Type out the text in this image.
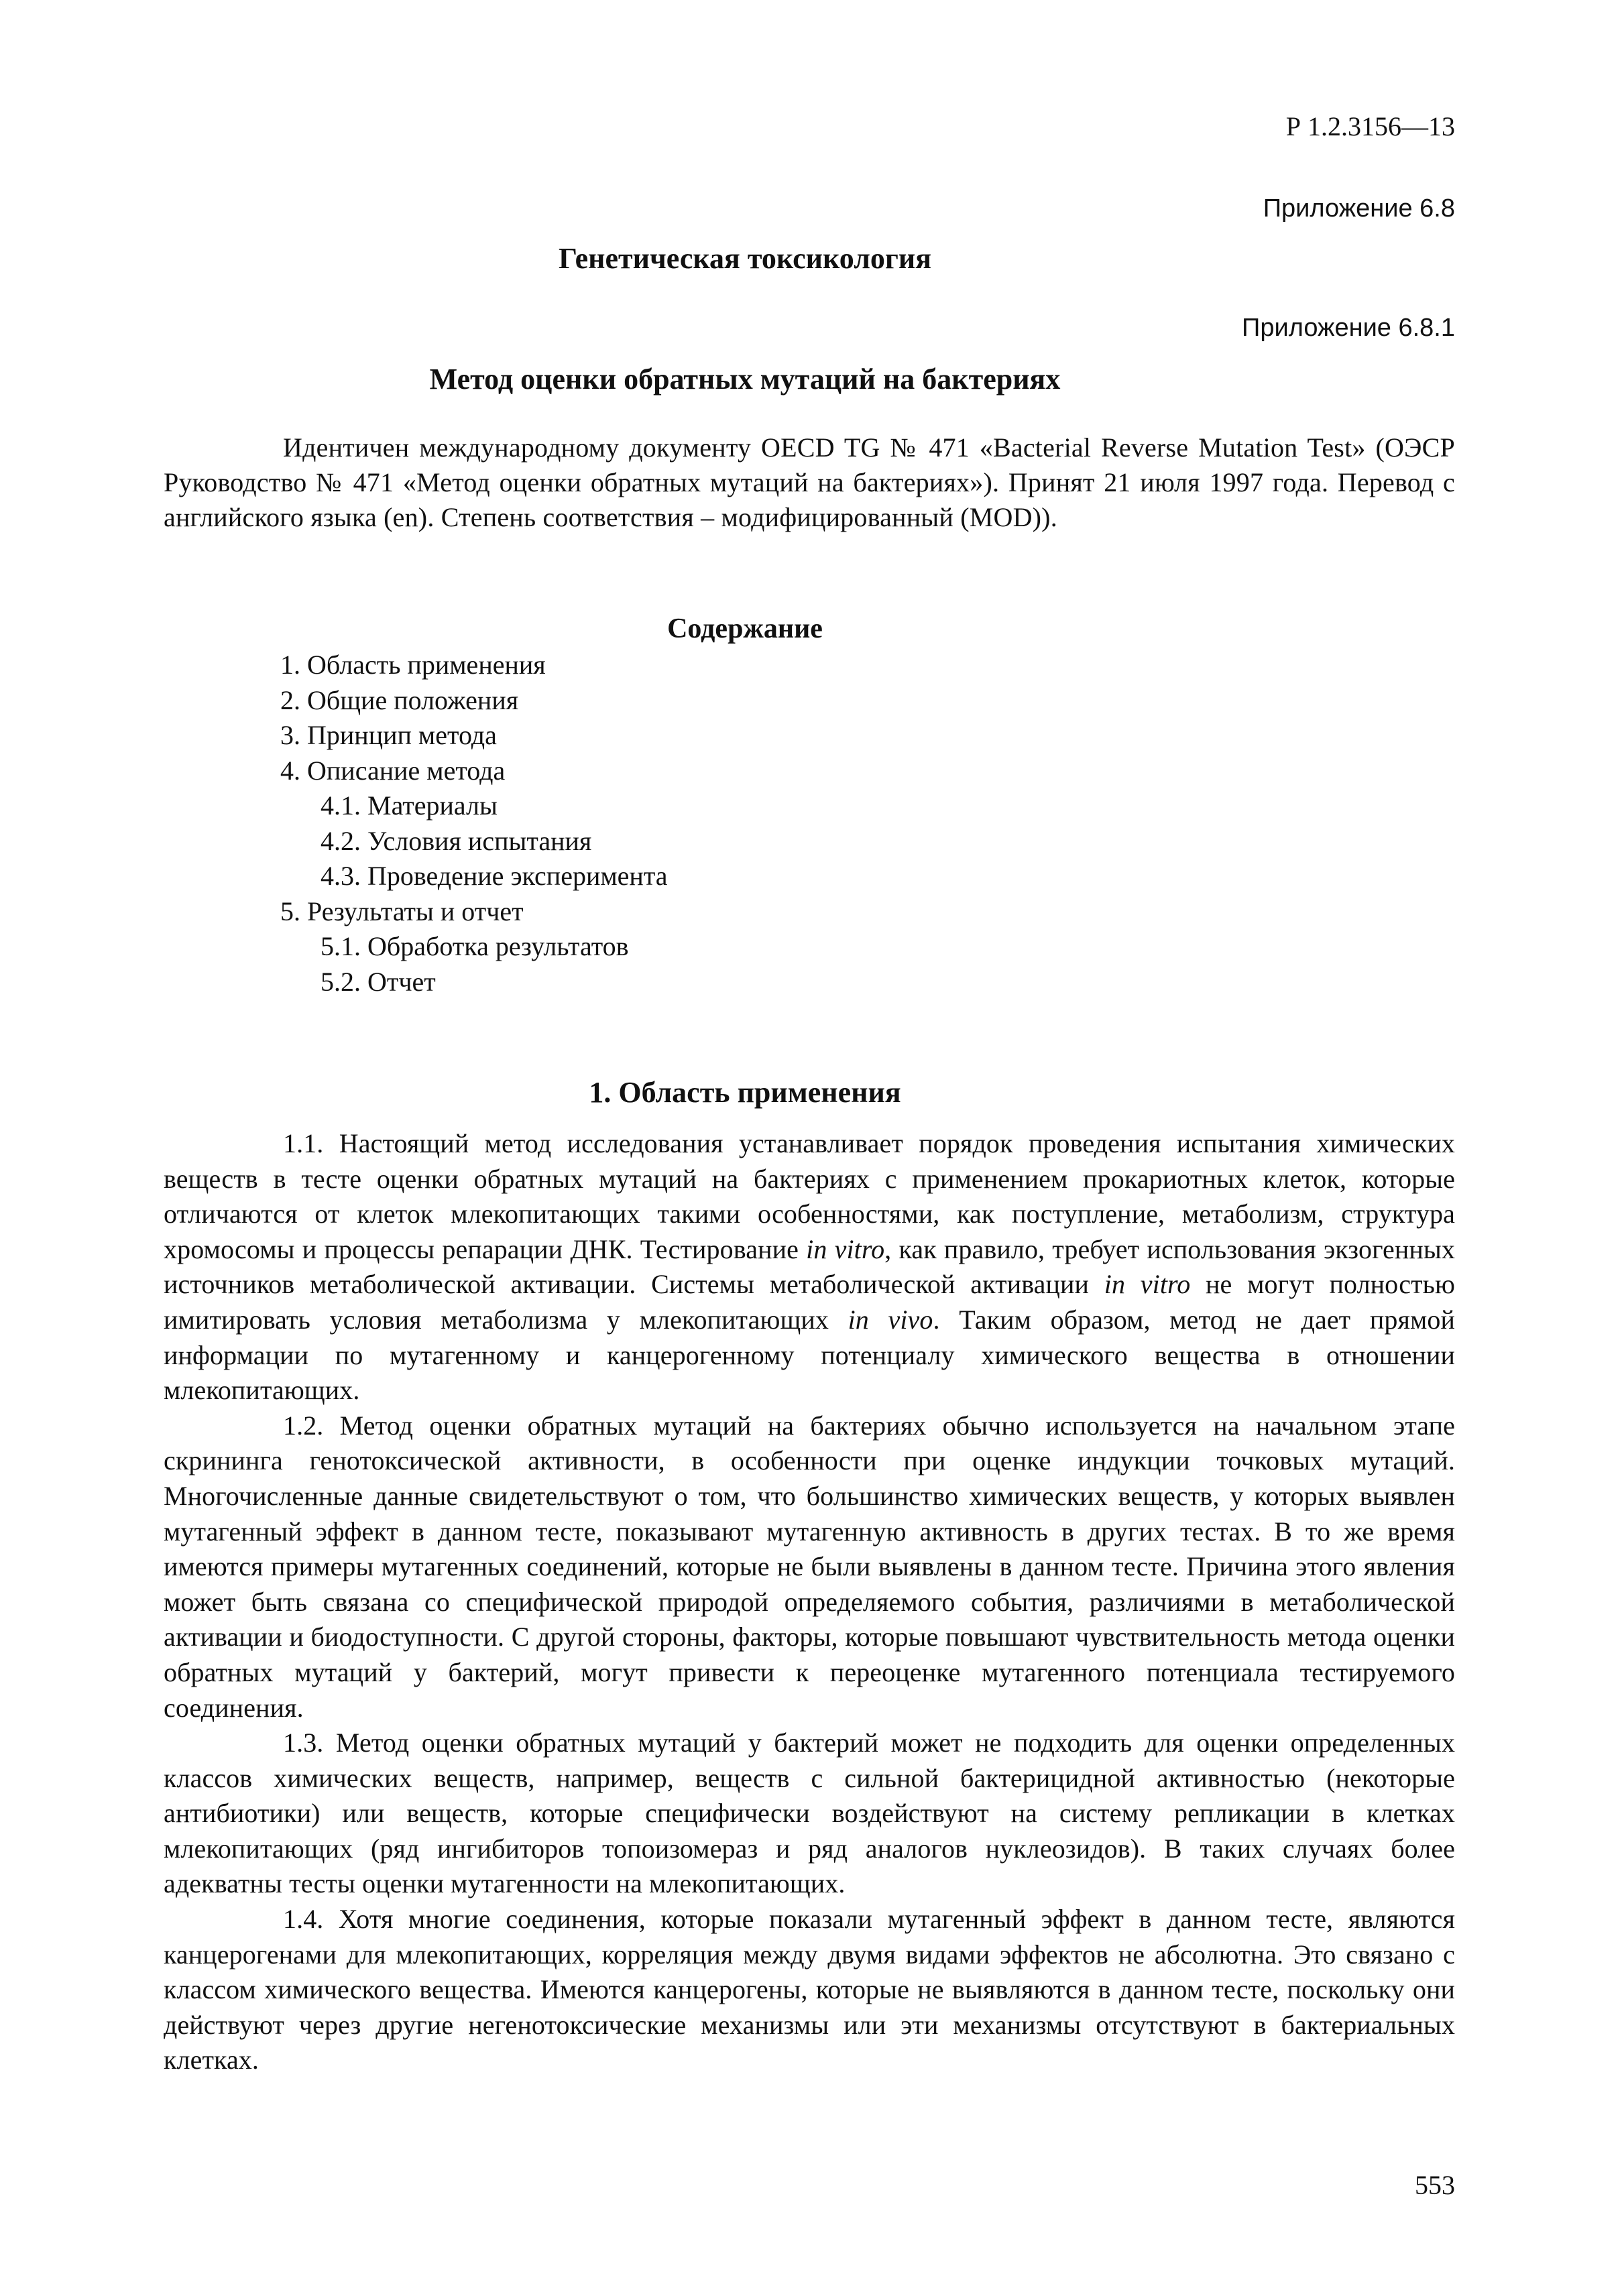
Р 1.2.3156—13

Приложение 6.8

Генетическая токсикология

Приложение 6.8.1

Метод оценки обратных мутаций на бактериях

Идентичен международному документу OECD TG № 471 «Bacterial Reverse Mutation Test» (ОЭСР Руководство № 471 «Метод оценки обратных мутаций на бактериях»). Принят 21 июля 1997 года. Перевод с английского языка (en). Степень соответствия – модифицированный (MOD)).

Содержание
1. Область применения
2. Общие положения
3. Принцип метода
4. Описание метода
4.1. Материалы
4.2. Условия испытания
4.3. Проведение эксперимента
5. Результаты и отчет
5.1. Обработка результатов
5.2. Отчет
1. Область применения

1.1. Настоящий метод исследования устанавливает порядок проведения испытания химических веществ в тесте оценки обратных мутаций на бактериях с применением прокариотных клеток, которые отличаются от клеток млекопитающих такими особенностями, как поступление, метаболизм, структура хромосомы и процессы репарации ДНК. Тестирование in vitro, как правило, требует использования экзогенных источников метаболической активации. Системы метаболической активации in vitro не могут полностью имитировать условия метаболизма у млекопитающих in vivo. Таким образом, метод не дает прямой информации по мутагенному и канцерогенному потенциалу химического вещества в отношении млекопитающих.

1.2. Метод оценки обратных мутаций на бактериях обычно используется на начальном этапе скрининга генотоксической активности, в особенности при оценке индукции точковых мутаций. Многочисленные данные свидетельствуют о том, что большинство химических веществ, у которых выявлен мутагенный эффект в данном тесте, показывают мутагенную активность в других тестах. В то же время имеются примеры мутагенных соединений, которые не были выявлены в данном тесте. Причина этого явления может быть связана со специфической природой определяемого события, различиями в метаболической активации и биодоступности. С другой стороны, факторы, которые повышают чувствительность метода оценки обратных мутаций у бактерий, могут привести к переоценке мутагенного потенциала тестируемого соединения.

1.3. Метод оценки обратных мутаций у бактерий может не подходить для оценки определенных классов химических веществ, например, веществ с сильной бактерицидной активностью (некоторые антибиотики) или веществ, которые специфически воздействуют на систему репликации в клетках млекопитающих (ряд ингибиторов топоизомераз и ряд аналогов нуклеозидов). В таких случаях более адекватны тесты оценки мутагенности на млекопитающих.

1.4. Хотя многие соединения, которые показали мутагенный эффект в данном тесте, являются канцерогенами для млекопитающих, корреляция между двумя видами эффектов не абсолютна. Это связано с классом химического вещества. Имеются канцерогены, которые не выявляются в данном тесте, поскольку они действуют через другие негенотоксические механизмы или эти механизмы отсутствуют в бактериальных клетках.

553
